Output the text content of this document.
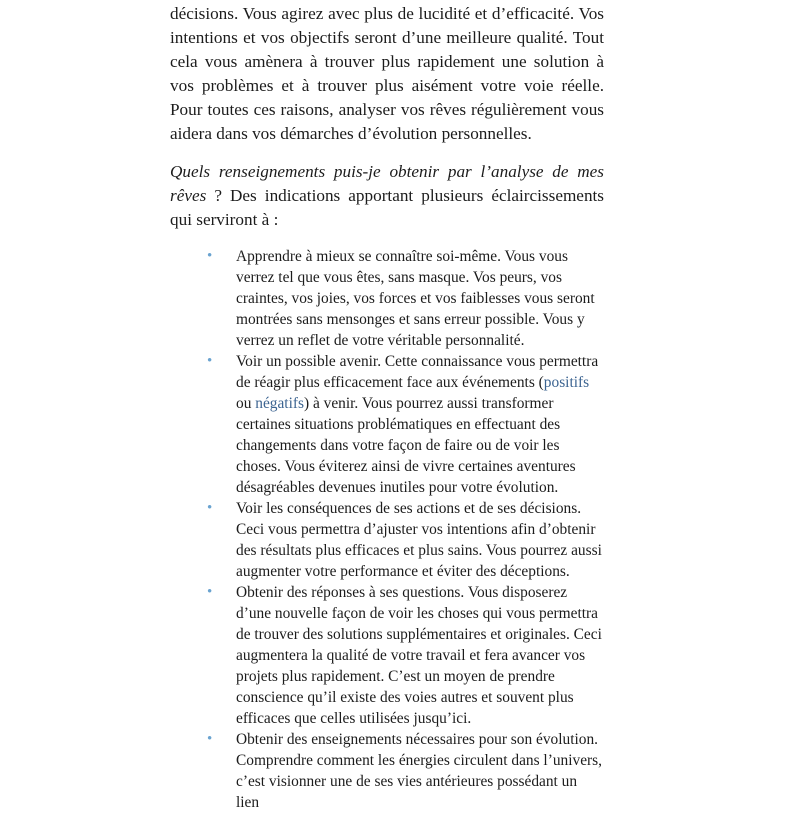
décisions. Vous agirez avec plus de lucidité et d’efficacité. Vos intentions et vos objectifs seront d’une meilleure qualité. Tout cela vous amènera à trouver plus rapidement une solution à vos problèmes et à trouver plus aisément votre voie réelle. Pour toutes ces raisons, analyser vos rêves régulièrement vous aidera dans vos démarches d’évolution personnelles.

Quels renseignements puis-je obtenir par l’analyse de mes rêves ? Des indications apportant plusieurs éclaircissements qui serviront à :

• Apprendre à mieux se connaître soi-même. Vous vous verrez tel que vous êtes, sans masque. Vos peurs, vos craintes, vos joies, vos forces et vos faiblesses vous seront montrées sans mensonges et sans erreur possible. Vous y verrez un reflet de votre véritable personnalité.
• Voir un possible avenir. Cette connaissance vous permettra de réagir plus efficacement face aux événements (positifs ou négatifs) à venir. Vous pourrez aussi transformer certaines situations problématiques en effectuant des changements dans votre façon de faire ou de voir les choses. Vous éviterez ainsi de vivre certaines aventures désagréables devenues inutiles pour votre évolution.
• Voir les conséquences de ses actions et de ses décisions. Ceci vous permettra d’ajuster vos intentions afin d’obtenir des résultats plus efficaces et plus sains. Vous pourrez aussi augmenter votre performance et éviter des déceptions.
• Obtenir des réponses à ses questions. Vous disposerez d’une nouvelle façon de voir les choses qui vous permettra de trouver des solutions supplémentaires et originales. Ceci augmentera la qualité de votre travail et fera avancer vos projets plus rapidement. C’est un moyen de prendre conscience qu’il existe des voies autres et souvent plus efficaces que celles utilisées jusqu’ici.
• Obtenir des enseignements nécessaires pour son évolution. Comprendre comment les énergies circulent dans l’univers, c’est visionner une de ses vies antérieures possédant un lien
